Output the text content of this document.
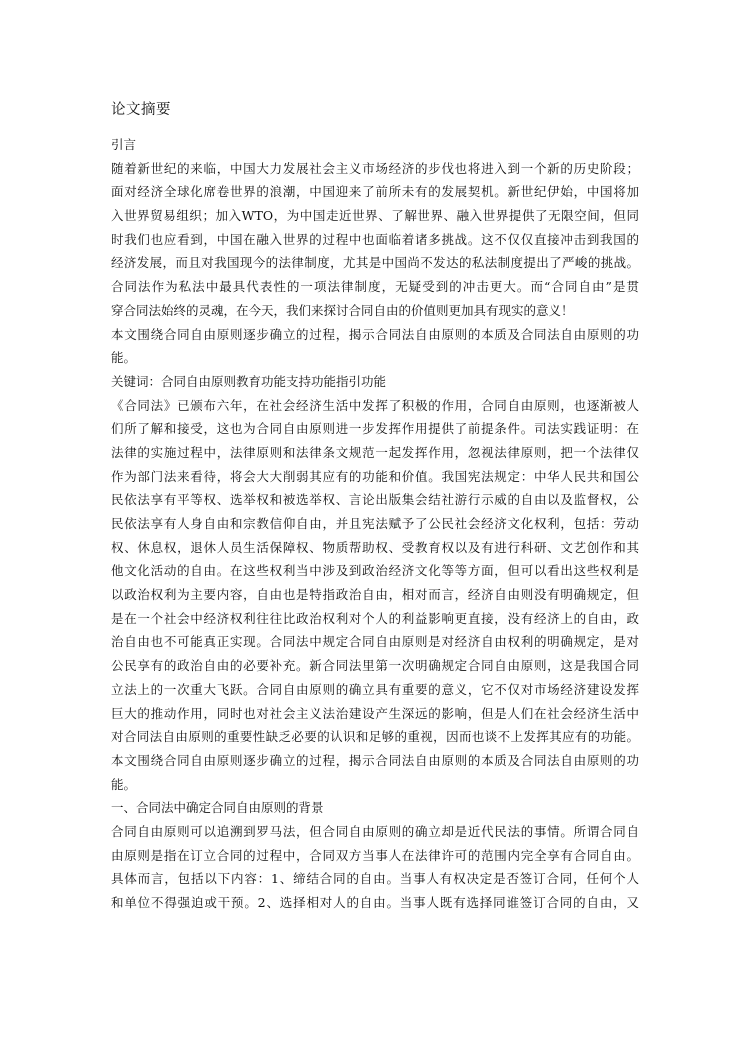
论文摘要
引言
随着新世纪的来临，中国大力发展社会主义市场经济的步伐也将进入到一个新的历史阶段；
面对经济全球化席卷世界的浪潮，中国迎来了前所未有的发展契机。新世纪伊始，中国将加
入世界贸易组织；加入WTO，为中国走近世界、了解世界、融入世界提供了无限空间，但同
时我们也应看到，中国在融入世界的过程中也面临着诸多挑战。这不仅仅直接冲击到我国的
经济发展，而且对我国现今的法律制度，尤其是中国尚不发达的私法制度提出了严峻的挑战。
合同法作为私法中最具代表性的一项法律制度，无疑受到的冲击更大。而“合同自由”是贯
穿合同法始终的灵魂，在今天，我们来探讨合同自由的价值则更加具有现实的意义！
本文围绕合同自由原则逐步确立的过程，揭示合同法自由原则的本质及合同法自由原则的功
能。
关键词：合同自由原则教育功能支持功能指引功能
《合同法》已颁布六年，在社会经济生活中发挥了积极的作用，合同自由原则，也逐渐被人
们所了解和接受，这也为合同自由原则进一步发挥作用提供了前提条件。司法实践证明：在
法律的实施过程中，法律原则和法律条文规范一起发挥作用，忽视法律原则，把一个法律仅
作为部门法来看待，将会大大削弱其应有的功能和价值。我国宪法规定：中华人民共和国公
民依法享有平等权、选举权和被选举权、言论出版集会结社游行示威的自由以及监督权，公
民依法享有人身自由和宗教信仰自由，并且宪法赋予了公民社会经济文化权利，包括：劳动
权、休息权，退休人员生活保障权、物质帮助权、受教育权以及有进行科研、文艺创作和其
他文化活动的自由。在这些权利当中涉及到政治经济文化等等方面，但可以看出这些权利是
以政治权利为主要内容，自由也是特指政治自由，相对而言，经济自由则没有明确规定，但
是在一个社会中经济权利往往比政治权利对个人的利益影响更直接，没有经济上的自由，政
治自由也不可能真正实现。合同法中规定合同自由原则是对经济自由权利的明确规定，是对
公民享有的政治自由的必要补充。新合同法里第一次明确规定合同自由原则，这是我国合同
立法上的一次重大飞跃。合同自由原则的确立具有重要的意义，它不仅对市场经济建设发挥
巨大的推动作用，同时也对社会主义法治建设产生深远的影响，但是人们在社会经济生活中
对合同法自由原则的重要性缺乏必要的认识和足够的重视，因而也谈不上发挥其应有的功能。
本文围绕合同自由原则逐步确立的过程，揭示合同法自由原则的本质及合同法自由原则的功
能。
一、合同法中确定合同自由原则的背景
合同自由原则可以追溯到罗马法，但合同自由原则的确立却是近代民法的事情。所谓合同自
由原则是指在订立合同的过程中，合同双方当事人在法律许可的范围内完全享有合同自由。
具体而言，包括以下内容：1、缔结合同的自由。当事人有权决定是否签订合同，任何个人
和单位不得强迫或干预。2、选择相对人的自由。当事人既有选择同谁签订合同的自由，又
